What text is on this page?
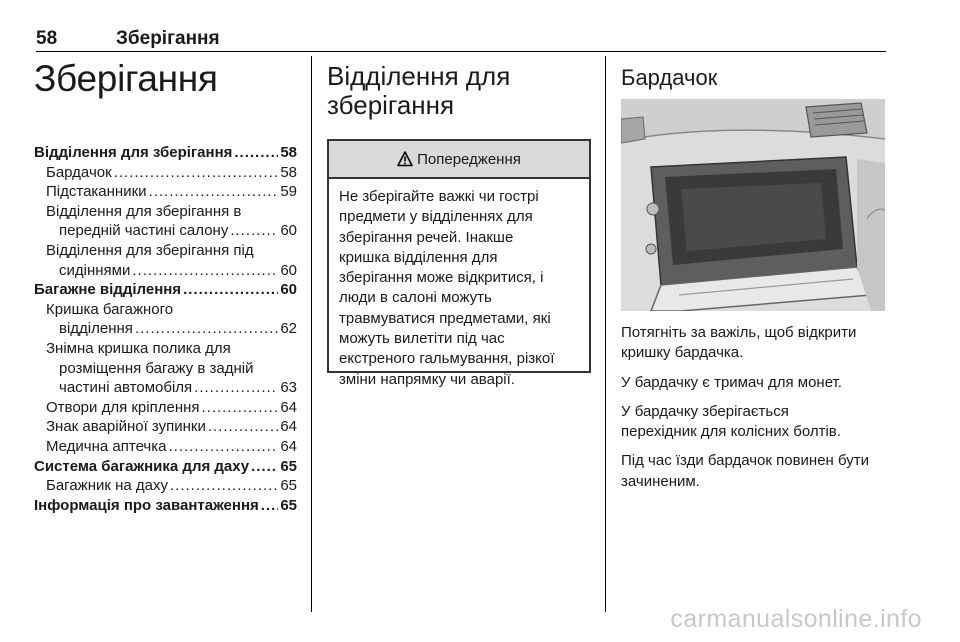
58	Зберігання
Зберігання
Відділення для зберігання .....	58
Бардачок .....	58
Підстаканники .....	59
Відділення для зберігання в
передній частині салону .....	60
Відділення для зберігання під
сидіннями .....	60
Багажне відділення .....	60
Кришка багажного
відділення .....	62
Знімна кришка полика для
розміщення багажу в задній
частині автомобіля .....	63
Отвори для кріплення .....	64
Знак аварійної зупинки .....	64
Медична аптечка .....	64
Система багажника для даху ..... 65
Багажник на даху .....	65
Інформація про завантаження ..... 65
Відділення для
зберігання
Попередження
Не зберігайте важкі чи гострі
предмети у відділеннях для
зберігання речей. Інакше
кришка відділення для
зберігання може відкритися, і
люди в салоні можуть
травмуватися предметами, які
можуть вилетіти під час
екстреного гальмування, різкої
зміни напрямку чи аварії.
Бардачок

Потягніть за важіль, щоб відкрити
кришку бардачка.

У бардачку є тримач для монет.

У бардачку зберігається
перехідник для колісних болтів.

Під час їзди бардачок повинен бути
зачиненим.

carmanualsonline.info
